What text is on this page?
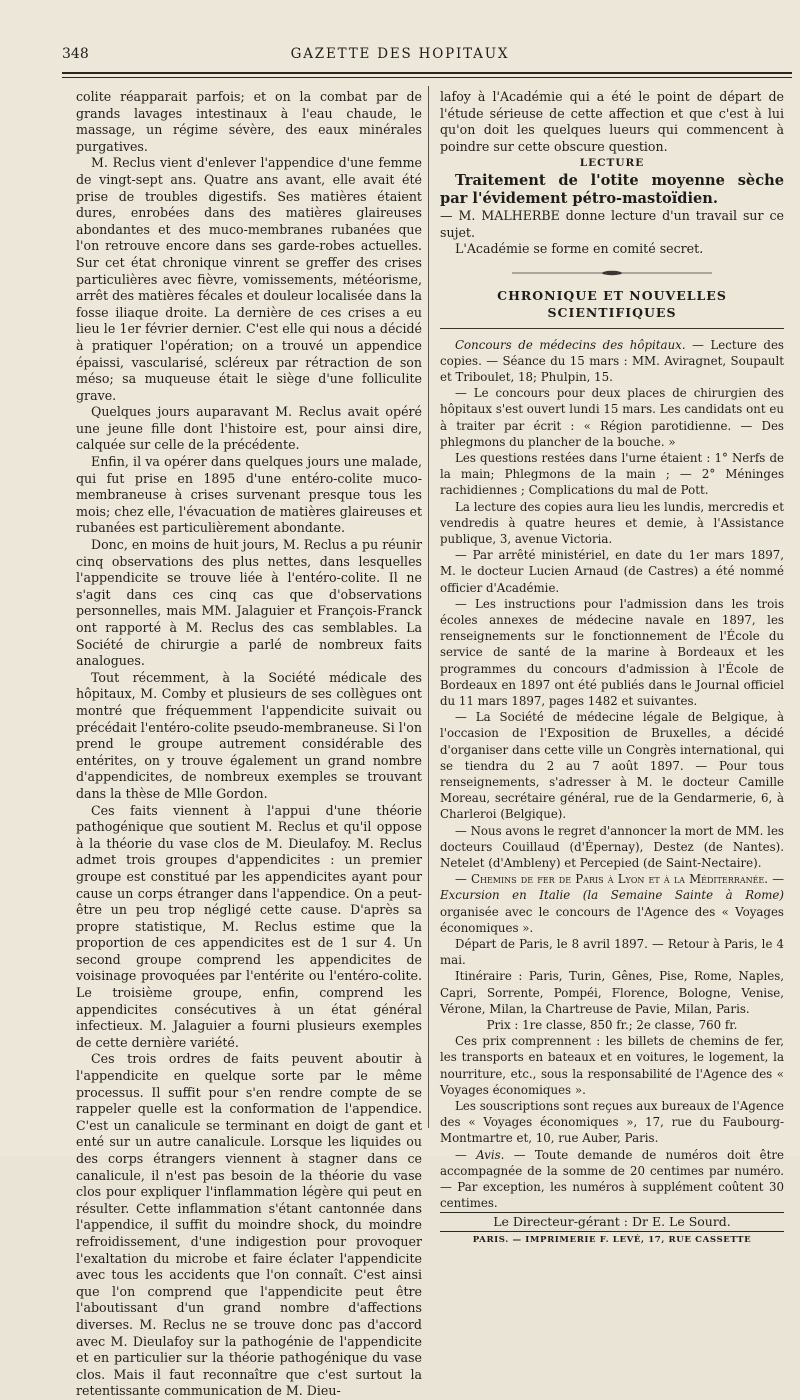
348	GAZETTE DES HOPITAUX

colite réapparait parfois; et on la combat par de grands lavages intestinaux à l'eau chaude, le massage, un régime sévère, des eaux minérales purgatives.

M. Reclus vient d'enlever l'appendice d'une femme de vingt-sept ans. Quatre ans avant, elle avait été prise de troubles digestifs. Ses matières étaient dures, enrobées dans des matières glaireuses abondantes et des muco-membranes rubanées que l'on retrouve encore dans ses garde-robes actuelles. Sur cet état chronique vinrent se greffer des crises particulières avec fièvre, vomissements, météorisme, arrêt des matières fécales et douleur localisée dans la fosse iliaque droite. La dernière de ces crises a eu lieu le 1er février dernier. C'est elle qui nous a décidé à pratiquer l'opération; on a trouvé un appendice épaissi, vascularisé, scléreux par rétraction de son méso; sa muqueuse était le siège d'une folliculite grave.

Quelques jours auparavant M. Reclus avait opéré une jeune fille dont l'histoire est, pour ainsi dire, calquée sur celle de la précédente.

Enfin, il va opérer dans quelques jours une malade, qui fut prise en 1895 d'une entéro-colite muco-membraneuse à crises survenant presque tous les mois; chez elle, l'évacuation de matières glaireuses et rubanées est particulièrement abondante.

Donc, en moins de huit jours, M. Reclus a pu réunir cinq observations des plus nettes, dans lesquelles l'appendicite se trouve liée à l'entéro-colite. Il ne s'agit dans ces cinq cas que d'observations personnelles, mais MM. Jalaguier et François-Franck ont rapporté à M. Reclus des cas semblables. La Société de chirurgie a parlé de nombreux faits analogues.

Tout récemment, à la Société médicale des hôpitaux, M. Comby et plusieurs de ses collègues ont montré que fréquemment l'appendicite suivait ou précédait l'entéro-colite pseudo-membraneuse. Si l'on prend le groupe autrement considérable des entérites, on y trouve également un grand nombre d'appendicites, de nombreux exemples se trouvant dans la thèse de Mlle Gordon.

Ces faits viennent à l'appui d'une théorie pathogénique que soutient M. Reclus et qu'il oppose à la théorie du vase clos de M. Dieulafoy. M. Reclus admet trois groupes d'appendicites : un premier groupe est constitué par les appendicites ayant pour cause un corps étranger dans l'appendice. On a peut-être un peu trop négligé cette cause. D'après sa propre statistique, M. Reclus estime que la proportion de ces appendicites est de 1 sur 4. Un second groupe comprend les appendicites de voisinage provoquées par l'entérite ou l'entéro-colite. Le troisième groupe, enfin, comprend les appendicites consécutives à un état général infectieux. M. Jalaguier a fourni plusieurs exemples de cette dernière variété.

Ces trois ordres de faits peuvent aboutir à l'appendicite en quelque sorte par le même processus. Il suffit pour s'en rendre compte de se rappeler quelle est la conformation de l'appendice. C'est un canalicule se terminant en doigt de gant et enté sur un autre canalicule. Lorsque les liquides ou des corps étrangers viennent à stagner dans ce canalicule, il n'est pas besoin de la théorie du vase clos pour expliquer l'inflammation légère qui peut en résulter. Cette inflammation s'étant cantonnée dans l'appendice, il suffit du moindre shock, du moindre refroidissement, d'une indigestion pour provoquer l'exaltation du microbe et faire éclater l'appendicite avec tous les accidents que l'on connaît. C'est ainsi que l'on comprend que l'appendicite peut être l'aboutissant d'un grand nombre d'affections diverses. M. Reclus ne se trouve donc pas d'accord avec M. Dieulafoy sur la pathogénie de l'appendicite et en particulier sur la théorie pathogénique du vase clos. Mais il faut reconnaître que c'est surtout la retentissante communication de M. Dieu-

lafoy à l'Académie qui a été le point de départ de l'étude sérieuse de cette affection et que c'est à lui qu'on doit les quelques lueurs qui commencent à poindre sur cette obscure question.

LECTURE

Traitement de l'otite moyenne sèche par l'évidement pétro-mastoïdien.

— M. MALHERBE donne lecture d'un travail sur ce sujet.

L'Académie se forme en comité secret.

CHRONIQUE ET NOUVELLES SCIENTIFIQUES

Concours de médecins des hôpitaux. — Lecture des copies. — Séance du 15 mars : MM. Aviragnet, Soupault et Triboulet, 18; Phulpin, 15.

— Le concours pour deux places de chirurgien des hôpitaux s'est ouvert lundi 15 mars. Les candidats ont eu à traiter par écrit : « Région parotidienne. — Des phlegmons du plancher de la bouche. »

Les questions restées dans l'urne étaient : 1° Nerfs de la main; Phlegmons de la main ; — 2° Méninges rachidiennes ; Complications du mal de Pott.

La lecture des copies aura lieu les lundis, mercredis et vendredis à quatre heures et demie, à l'Assistance publique, 3, avenue Victoria.

— Par arrêté ministériel, en date du 1er mars 1897, M. le docteur Lucien Arnaud (de Castres) a été nommé officier d'Académie.

— Les instructions pour l'admission dans les trois écoles annexes de médecine navale en 1897, les renseignements sur le fonctionnement de l'École du service de santé de la marine à Bordeaux et les programmes du concours d'admission à l'École de Bordeaux en 1897 ont été publiés dans le Journal officiel du 11 mars 1897, pages 1482 et suivantes.

— La Société de médecine légale de Belgique, à l'occasion de l'Exposition de Bruxelles, a décidé d'organiser dans cette ville un Congrès international, qui se tiendra du 2 au 7 août 1897. — Pour tous renseignements, s'adresser à M. le docteur Camille Moreau, secrétaire général, rue de la Gendarmerie, 6, à Charleroi (Belgique).

— Nous avons le regret d'annoncer la mort de MM. les docteurs Couillaud (d'Épernay), Destez (de Nantes). Netelet (d'Ambleny) et Percepied (de Saint-Nectaire).

— Chemins de fer de Paris à Lyon et à la Méditerranée. — Excursion en Italie (la Semaine Sainte à Rome) organisée avec le concours de l'Agence des « Voyages économiques ».

Départ de Paris, le 8 avril 1897. — Retour à Paris, le 4 mai.

Itinéraire : Paris, Turin, Gênes, Pise, Rome, Naples, Capri, Sorrente, Pompéi, Florence, Bologne, Venise, Vérone, Milan, la Chartreuse de Pavie, Milan, Paris.

Prix : 1re classe, 850 fr.; 2e classe, 760 fr.

Ces prix comprennent : les billets de chemins de fer, les transports en bateaux et en voitures, le logement, la nourriture, etc., sous la responsabilité de l'Agence des « Voyages économiques ».

Les souscriptions sont reçues aux bureaux de l'Agence des « Voyages économiques », 17, rue du Faubourg-Montmartre et, 10, rue Auber, Paris.

— Avis. — Toute demande de numéros doit être accompagnée de la somme de 20 centimes par numéro. — Par exception, les numéros à supplément coûtent 30 centimes.

Le Directeur-gérant : Dr E. Le Sourd.

PARIS. — IMPRIMERIE F. LEVÉ, 17, RUE CASSETTE
